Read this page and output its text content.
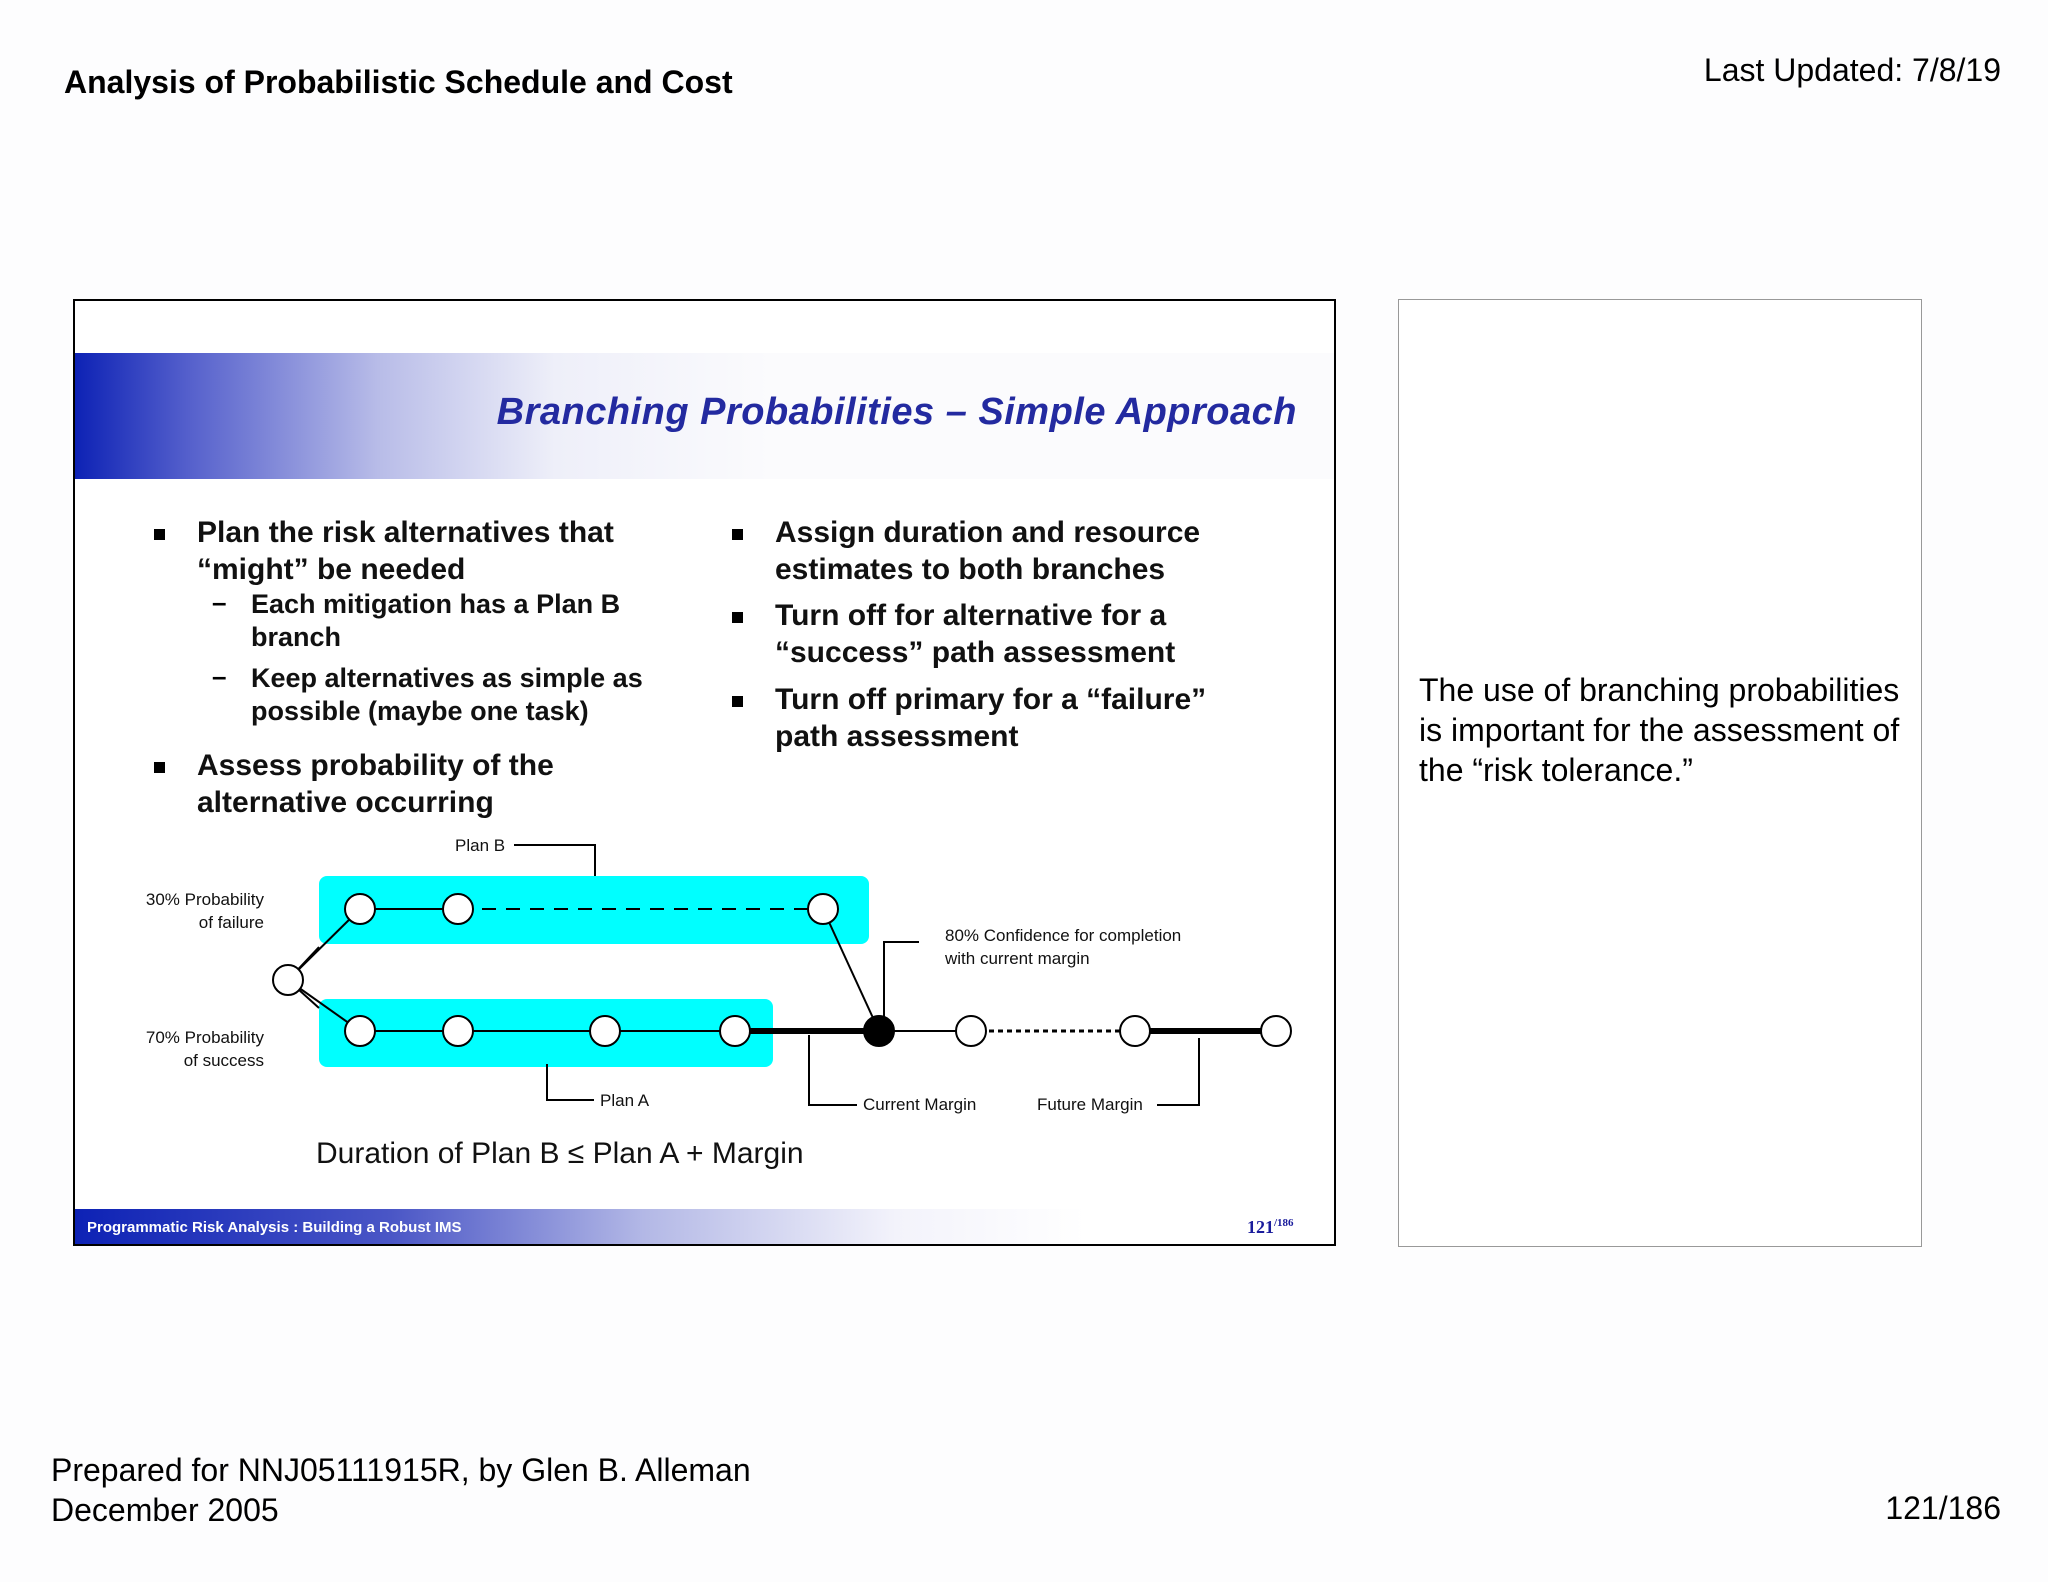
Analysis of Probabilistic Schedule and Cost	Last Updated: 7/8/19
Branching Probabilities – Simple Approach
Plan the risk alternatives that
“might” be needed
– Each mitigation has a Plan B
branch
– Keep alternatives as simple as
possible (maybe one task)
Assess probability of the
alternative occurring
Assign duration and resource
estimates to both branches
Turn off for alternative for a
“success” path assessment
Turn off primary for a “failure”
path assessment
Plan B
Plan A
30% Probability
of failure
70% Probability
of success
80% Confidence for completion
with current margin
Current Margin	Future Margin
Duration of Plan B ≤ Plan A + Margin
Programmatic Risk Analysis : Building a Robust IMS	$121^{/186}$
The use of branching probabilities is important for the assessment of the “risk tolerance.”
Prepared for NNJ05111915R, by Glen B. Alleman
December 2005	121/186
